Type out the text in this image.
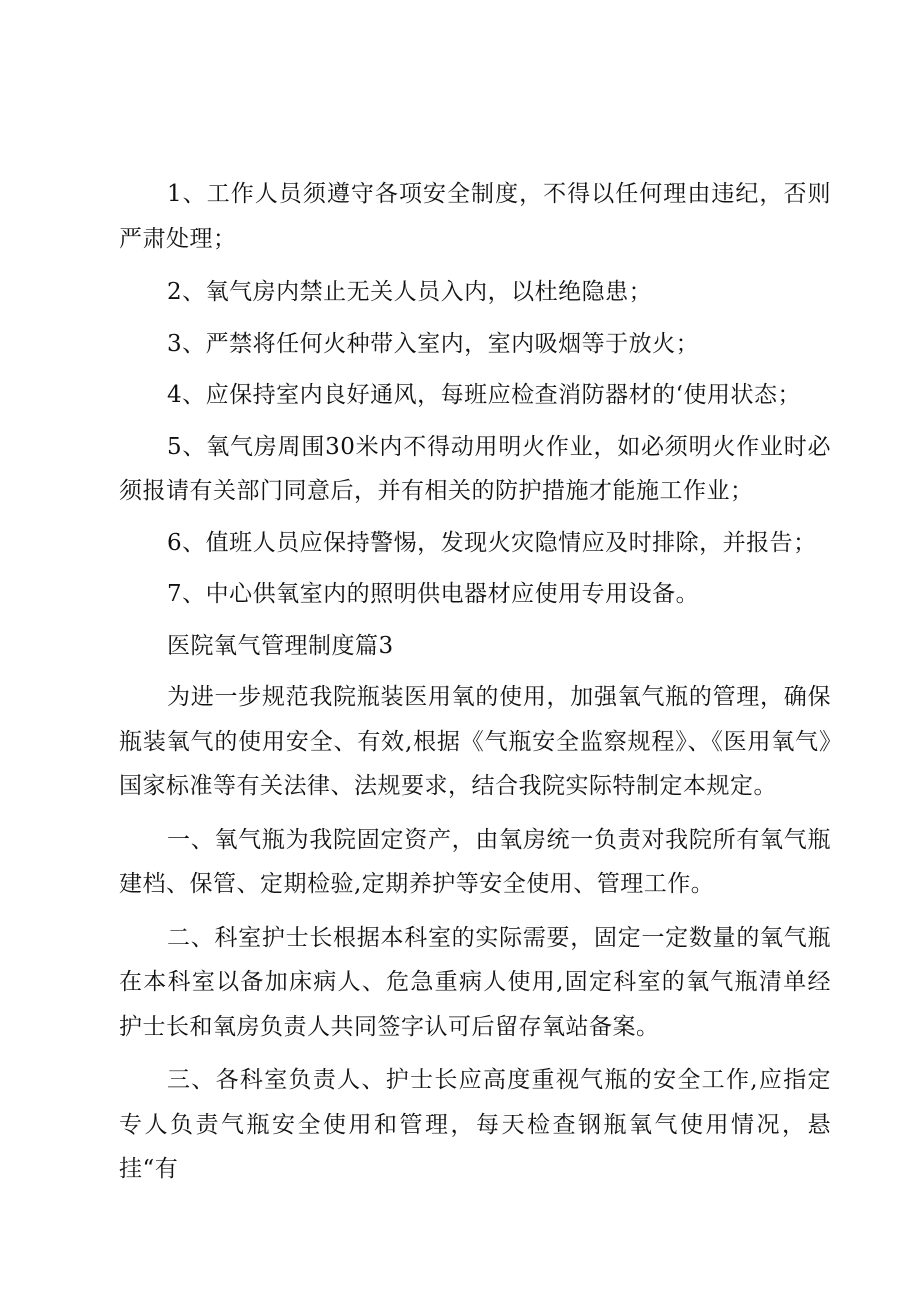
1、工作人员须遵守各项安全制度，不得以任何理由违纪，否则严肃处理；

2、氧气房内禁止无关人员入内，以杜绝隐患；

3、严禁将任何火种带入室内，室内吸烟等于放火；

4、应保持室内良好通风，每班应检查消防器材的‘使用状态；

5、氧气房周围30米内不得动用明火作业，如必须明火作业时必须报请有关部门同意后，并有相关的防护措施才能施工作业；

6、值班人员应保持警惕，发现火灾隐情应及时排除，并报告；

7、中心供氧室内的照明供电器材应使用专用设备。

医院氧气管理制度篇3

为进一步规范我院瓶装医用氧的使用，加强氧气瓶的管理，确保瓶装氧气的使用安全、有效,根据《气瓶安全监察规程》、《医用氧气》国家标准等有关法律、法规要求，结合我院实际特制定本规定。

一、氧气瓶为我院固定资产，由氧房统一负责对我院所有氧气瓶建档、保管、定期检验,定期养护等安全使用、管理工作。

二、科室护士长根据本科室的实际需要，固定一定数量的氧气瓶在本科室以备加床病人、危急重病人使用,固定科室的氧气瓶清单经护士长和氧房负责人共同签字认可后留存氧站备案。

三、各科室负责人、护士长应高度重视气瓶的安全工作,应指定专人负责气瓶安全使用和管理，每天检查钢瓶氧气使用情况，悬挂“有
